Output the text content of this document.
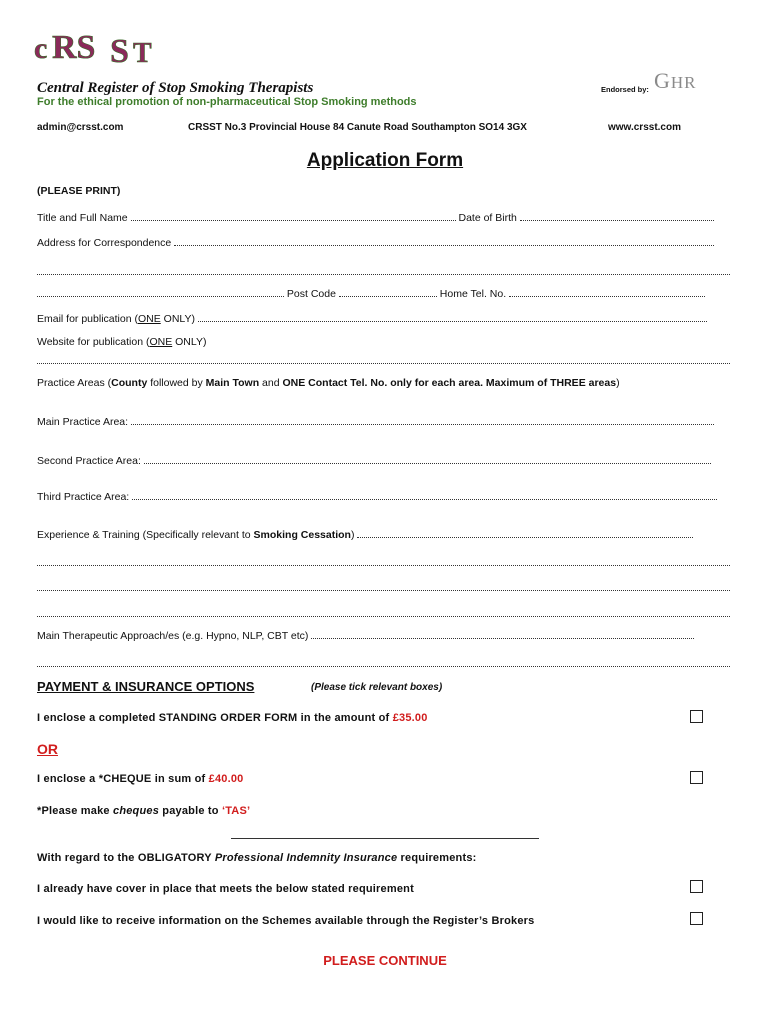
c RS S T
Central Register of Stop Smoking Therapists
For the ethical promotion of non-pharmaceutical Stop Smoking methods
Endorsed by: GHR
admin@crsst.com	CRSST No.3 Provincial House 84 Canute Road Southampton SO14 3GX	www.crsst.com
Application Form
(PLEASE PRINT)
Title and Full Name	Date of Birth
Address for Correspondence
Post Code	Home Tel. No.
Email for publication (ONE ONLY)
Website for publication (ONE ONLY)
Practice Areas (County followed by Main Town and ONE Contact Tel. No. only for each area. Maximum of THREE areas)
Main Practice Area:
Second Practice Area:
Third Practice Area:
Experience & Training (Specifically relevant to Smoking Cessation)
Main Therapeutic Approach/es (e.g. Hypno, NLP, CBT etc)
PAYMENT & INSURANCE OPTIONS	(Please tick relevant boxes)
I enclose a completed STANDING ORDER FORM in the amount of £35.00
OR
I enclose a *CHEQUE in sum of £40.00
*Please make cheques payable to ‘TAS’
With regard to the OBLIGATORY Professional Indemnity Insurance requirements:
I already have cover in place that meets the below stated requirement
I would like to receive information on the Schemes available through the Register’s Brokers
PLEASE CONTINUE
